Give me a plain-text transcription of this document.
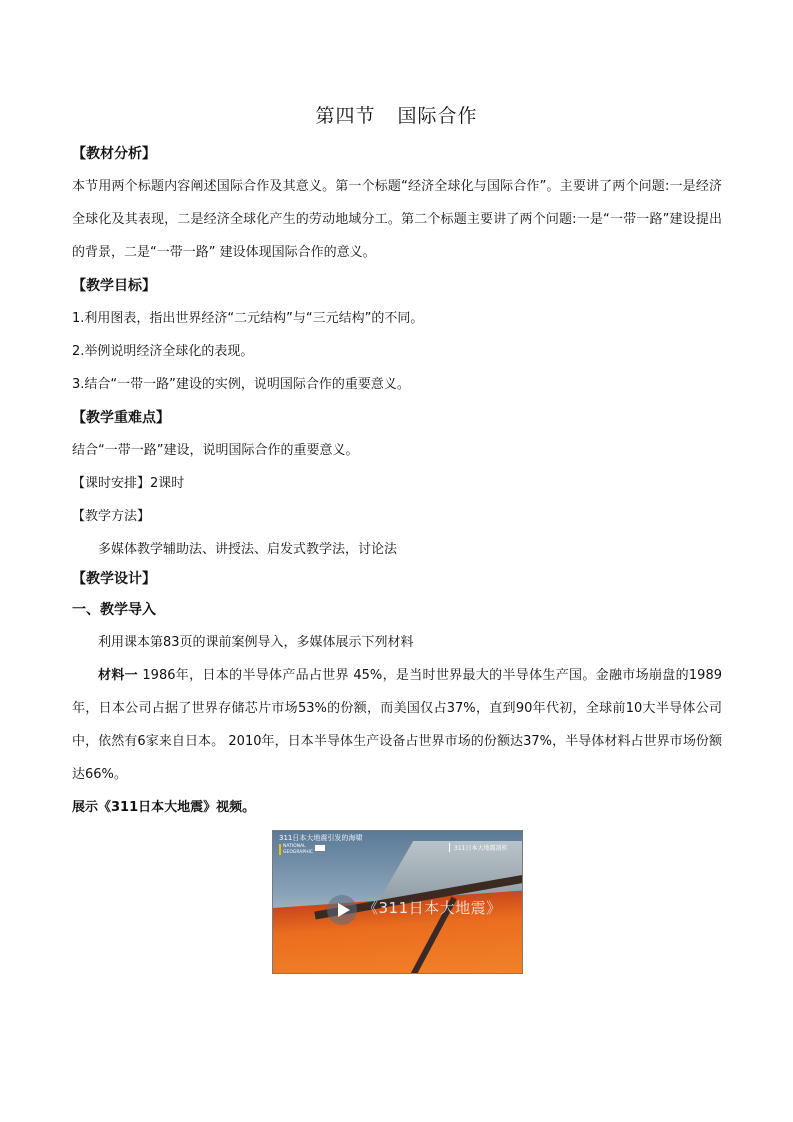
第四节 国际合作
【教材分析】

本节用两个标题内容阐述国际合作及其意义。第一个标题“经济全球化与国际合作”。主要讲了两个问题:一是经济全球化及其表现，二是经济全球化产生的劳动地域分工。第二个标题主要讲了两个问题:一是“一带一路”建设提出的背景，二是“一带一路” 建设体现国际合作的意义。

【教学目标】

1.利用图表，指出世界经济“二元结构”与“三元结构”的不同。

2.举例说明经济全球化的表现。

3.结合“一带一路”建设的实例，说明国际合作的重要意义。

【教学重难点】

结合“一带一路”建设，说明国际合作的重要意义。

【课时安排】2课时

【教学方法】

多媒体教学辅助法、讲授法、启发式教学法，讨论法

【教学设计】
一、教学导入

利用课本第83页的课前案例导入，多媒体展示下列材料

材料一 1986年，日本的半导体产品占世界 45%，是当时世界最大的半导体生产国。金融市场崩盘的1989年，日本公司占据了世界存储芯片市场53%的份额，而美国仅占37%，直到90年代初，全球前10大半导体公司中，依然有6家来自日本。 2010年，日本半导体生产设备占世界市场的份额达37%，半导体材料占世界市场份额达66%。

展示《311日本大地震》视频。

311日本大地震引发的海啸
NATIONAL GEOGRAPHIC	311日本大地震剖析
《311日本大地震》
